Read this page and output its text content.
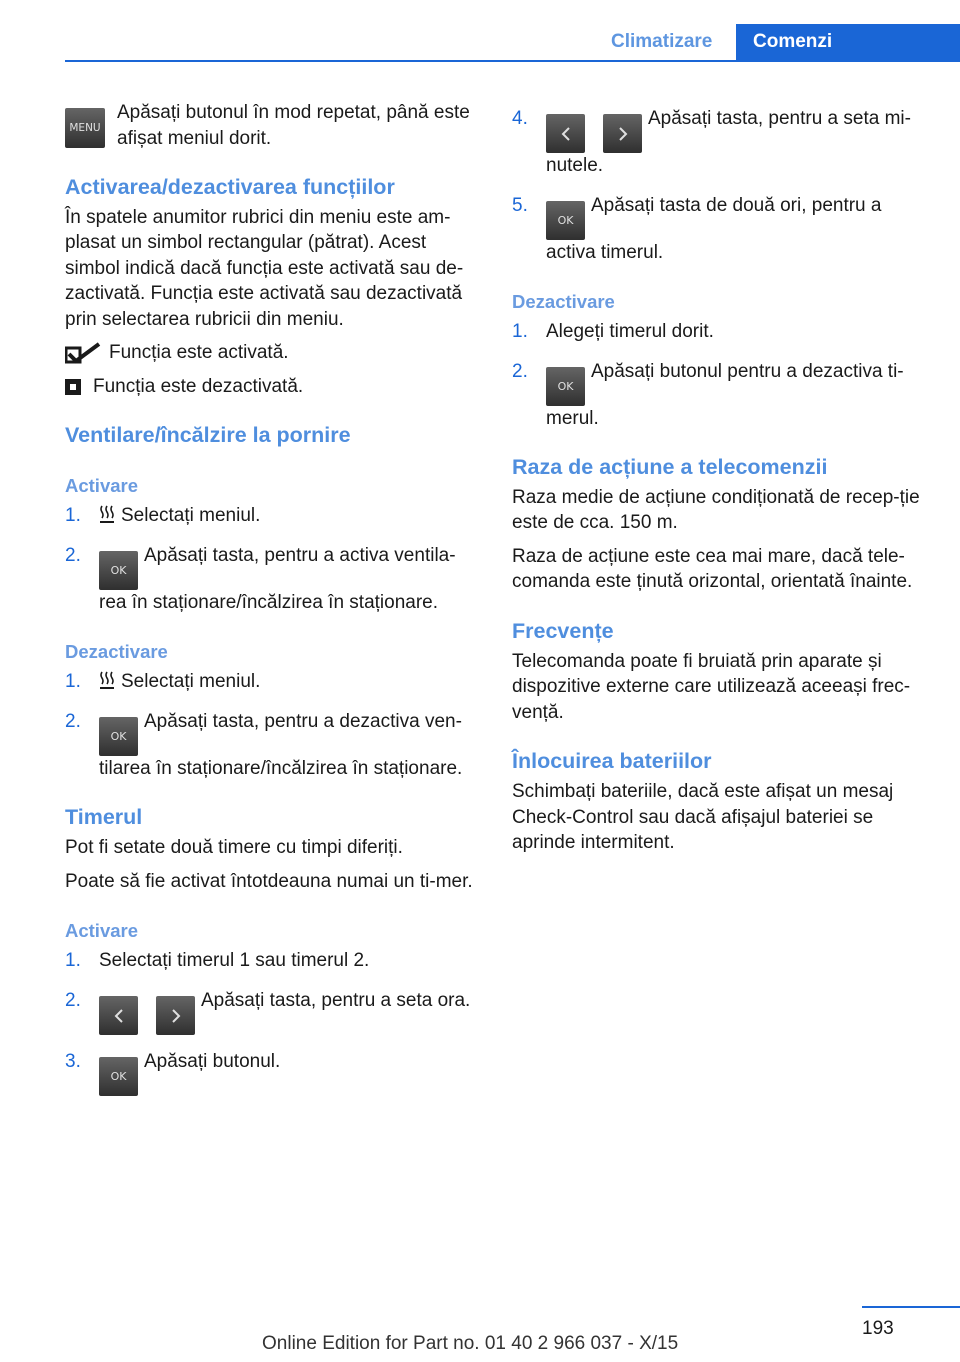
Climatizare	Comenzi
MENU
Apăsați butonul în mod repetat, până este afișat meniul dorit.
Activarea/dezactivarea funcțiilor
În spatele anumitor rubrici din meniu este am-plasat un simbol rectangular (pătrat). Acest simbol indică dacă funcția este activată sau de-zactivată. Funcția este activată sau dezactivată prin selectarea rubricii din meniu.
Funcția este activată.
Funcția este dezactivată.
Ventilare/încălzire la pornire
Activare
1.	Selectați meniul.
2.
OKApăsați tasta, pentru a activa ventila-rea în staționare/încălzirea în staționare.
Dezactivare
1.	Selectați meniul.
2.
OKApăsați tasta, pentru a dezactiva ven-tilarea în staționare/încălzirea în staționare.
Timerul
Pot fi setate două timere cu timpi diferiți.
Poate să fie activat întotdeauna numai un ti-mer.
Activare
1. Selectați timerul 1 sau timerul 2.
2.	Apăsați tasta, pentru a seta ora.
3.
OKApăsați butonul.
4.	Apăsați tasta, pentru a seta mi-nutele.
5.
OKApăsați tasta de două ori, pentru a activa timerul.
Dezactivare
1. Alegeți timerul dorit.
2.
OKApăsați butonul pentru a dezactiva ti-merul.
Raza de acțiune a telecomenzii
Raza medie de acțiune condiționată de recep-ție este de cca. 150 m.
Raza de acțiune este cea mai mare, dacă tele-comanda este ținută orizontal, orientată înainte.
Frecvențe
Telecomanda poate fi bruiată prin aparate și dispozitive externe care utilizează aceeași frec-vență.
Înlocuirea bateriilor
Schimbați bateriile, dacă este afișat un mesaj Check-Control sau dacă afișajul bateriei se aprinde intermitent.
193
Online Edition for Part no. 01 40 2 966 037 - X/15
